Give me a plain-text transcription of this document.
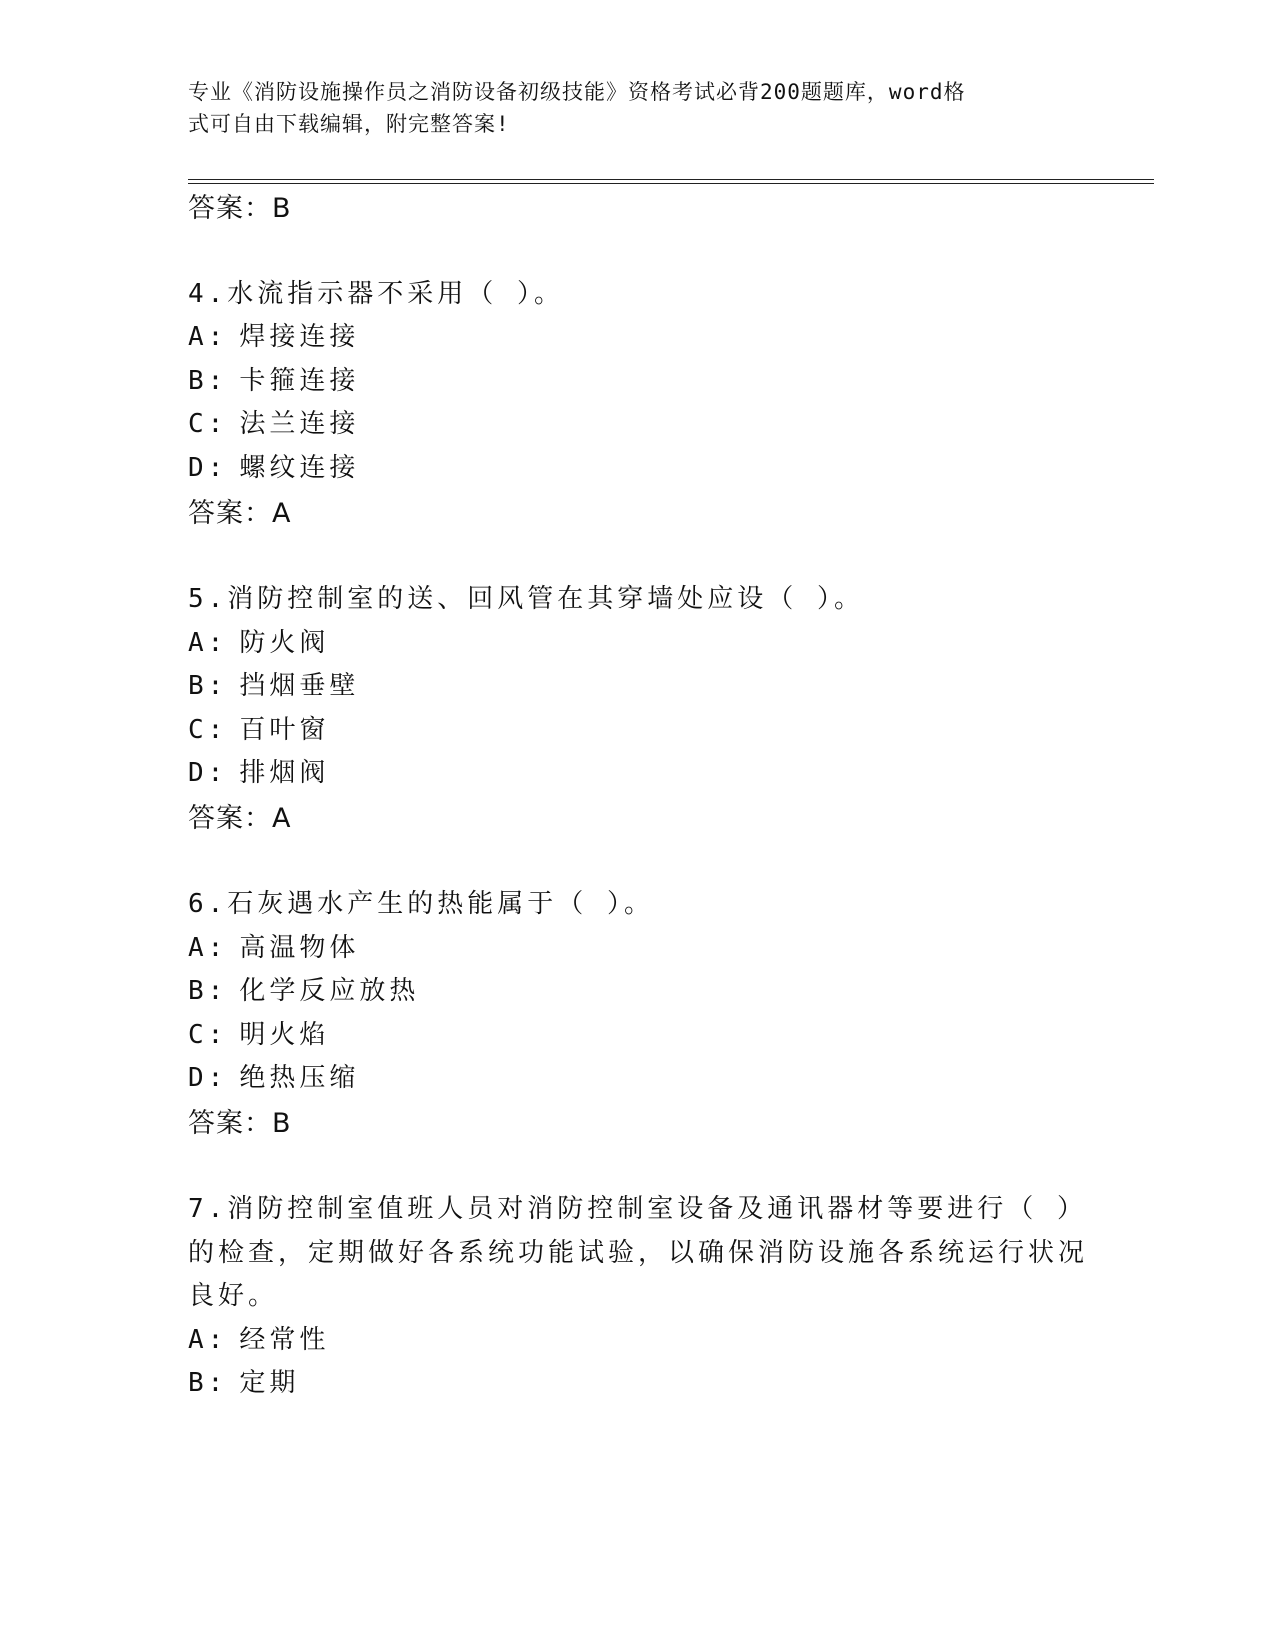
专业《消防设施操作员之消防设备初级技能》资格考试必背200题题库，word格
式可自由下载编辑，附完整答案!
答案：B
4.水流指示器不采用（ ）。
A: 焊接连接
B: 卡箍连接
C: 法兰连接
D: 螺纹连接
答案：A
5.消防控制室的送、回风管在其穿墙处应设（ ）。
A: 防火阀
B: 挡烟垂壁
C: 百叶窗
D: 排烟阀
答案：A
6.石灰遇水产生的热能属于（ ）。
A: 高温物体
B: 化学反应放热
C: 明火焰
D: 绝热压缩
答案：B
7.消防控制室值班人员对消防控制室设备及通讯器材等要进行（ ）
的检查，定期做好各系统功能试验，以确保消防设施各系统运行状况
良好。
A: 经常性
B: 定期
